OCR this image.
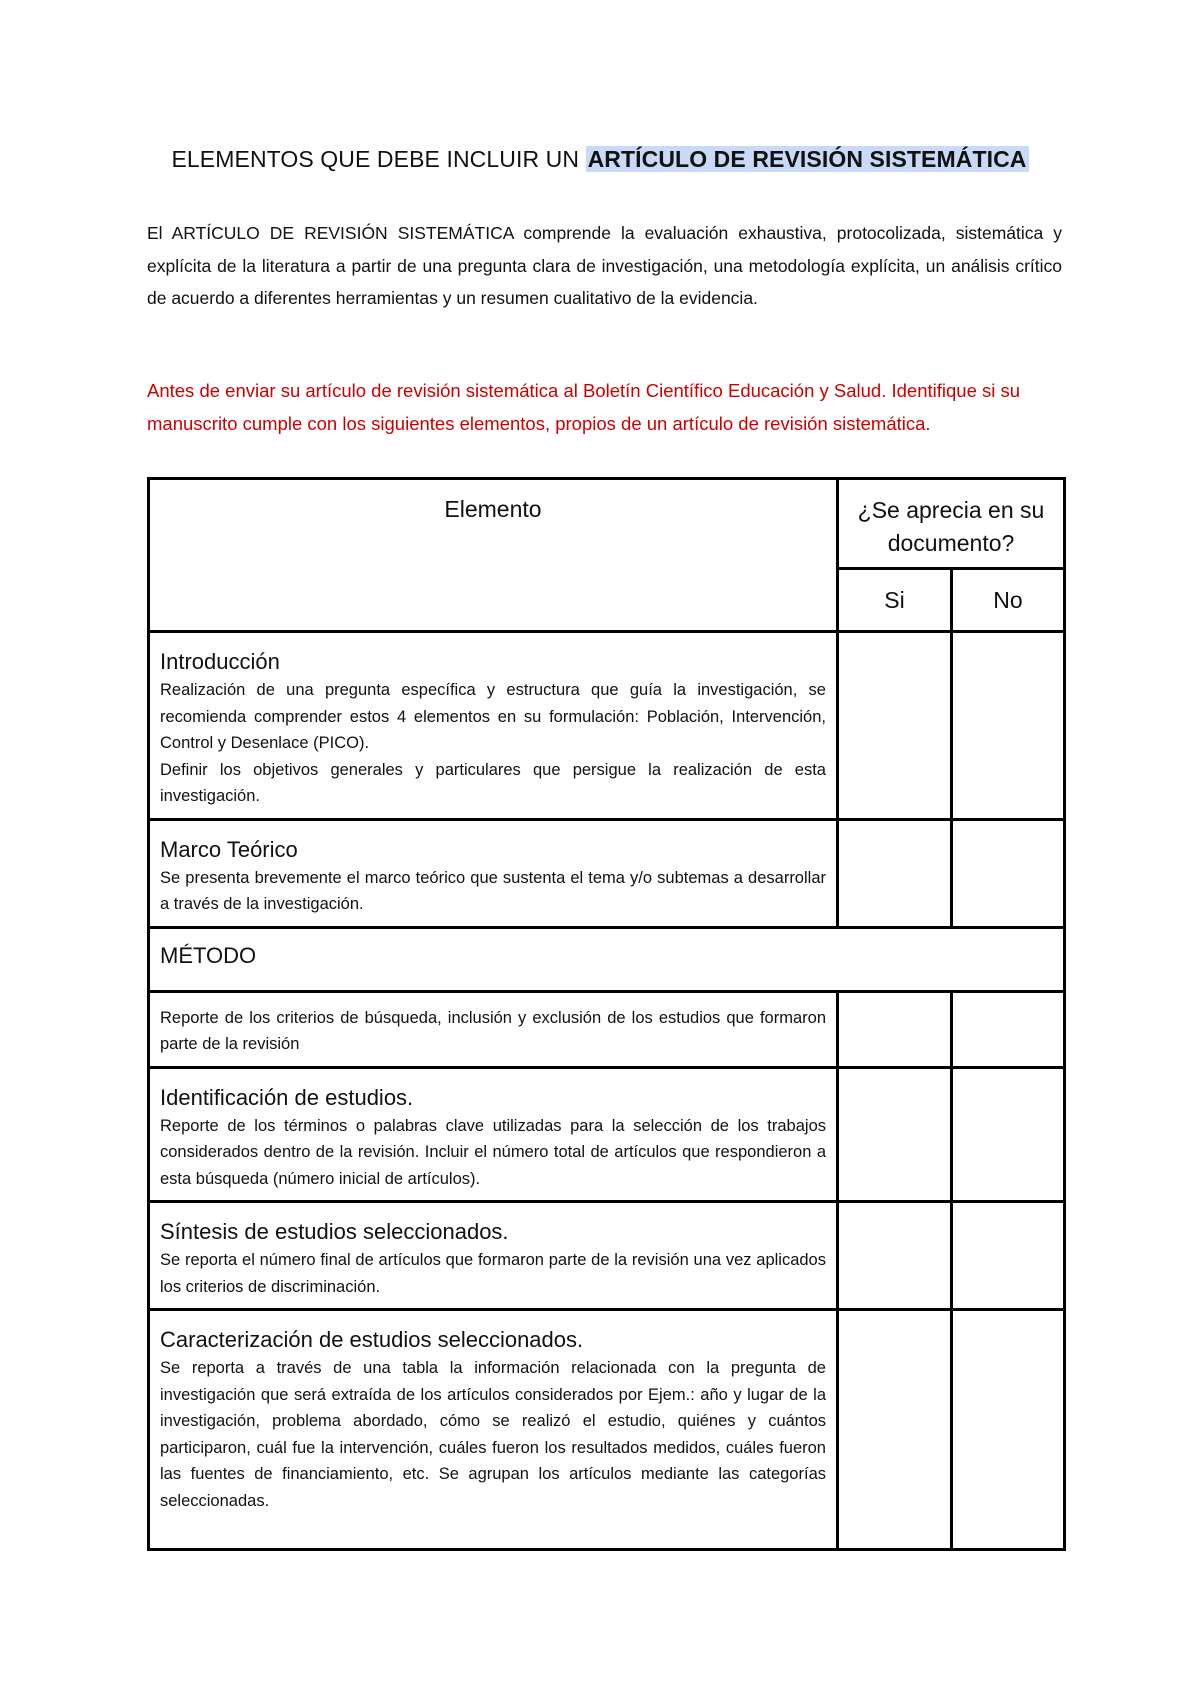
ELEMENTOS QUE DEBE INCLUIR UN ARTÍCULO DE REVISIÓN SISTEMÁTICA

El ARTÍCULO DE REVISIÓN SISTEMÁTICA comprende la evaluación exhaustiva, protocolizada, sistemática y explícita de la literatura a partir de una pregunta clara de investigación, una metodología explícita, un análisis crítico de acuerdo a diferentes herramientas y un resumen cualitativo de la evidencia.

Antes de enviar su artículo de revisión sistemática al Boletín Científico Educación y Salud. Identifique si su manuscrito cumple con los siguientes elementos, propios de un artículo de revisión sistemática.

Elemento	¿Se aprecia en su documento?	
	Si	No

Introducción
Realización de una pregunta específica y estructura que guía la investigación, se recomienda comprender estos 4 elementos en su formulación: Población, Intervención, Control y Desenlace (PICO).
Definir los objetivos generales y particulares que persigue la realización de esta investigación.		

Marco Teórico
Se presenta brevemente el marco teórico que sustenta el tema y/o subtemas a desarrollar a través de la investigación.		

MÉTODO		

Reporte de los criterios de búsqueda, inclusión y exclusión de los estudios que formaron parte de la revisión		

Identificación de estudios.
Reporte de los términos o palabras clave utilizadas para la selección de los trabajos considerados dentro de la revisión. Incluir el número total de artículos que respondieron a esta búsqueda (número inicial de artículos).		

Síntesis de estudios seleccionados.
Se reporta el número final de artículos que formaron parte de la revisión una vez aplicados los criterios de discriminación.		

Caracterización de estudios seleccionados.
Se reporta a través de una tabla la información relacionada con la pregunta de investigación que será extraída de los artículos considerados por Ejem.: año y lugar de la investigación, problema abordado, cómo se realizó el estudio, quiénes y cuántos participaron, cuál fue la intervención, cuáles fueron los resultados medidos, cuáles fueron las fuentes de financiamiento, etc. Se agrupan los artículos mediante las categorías seleccionadas.		
